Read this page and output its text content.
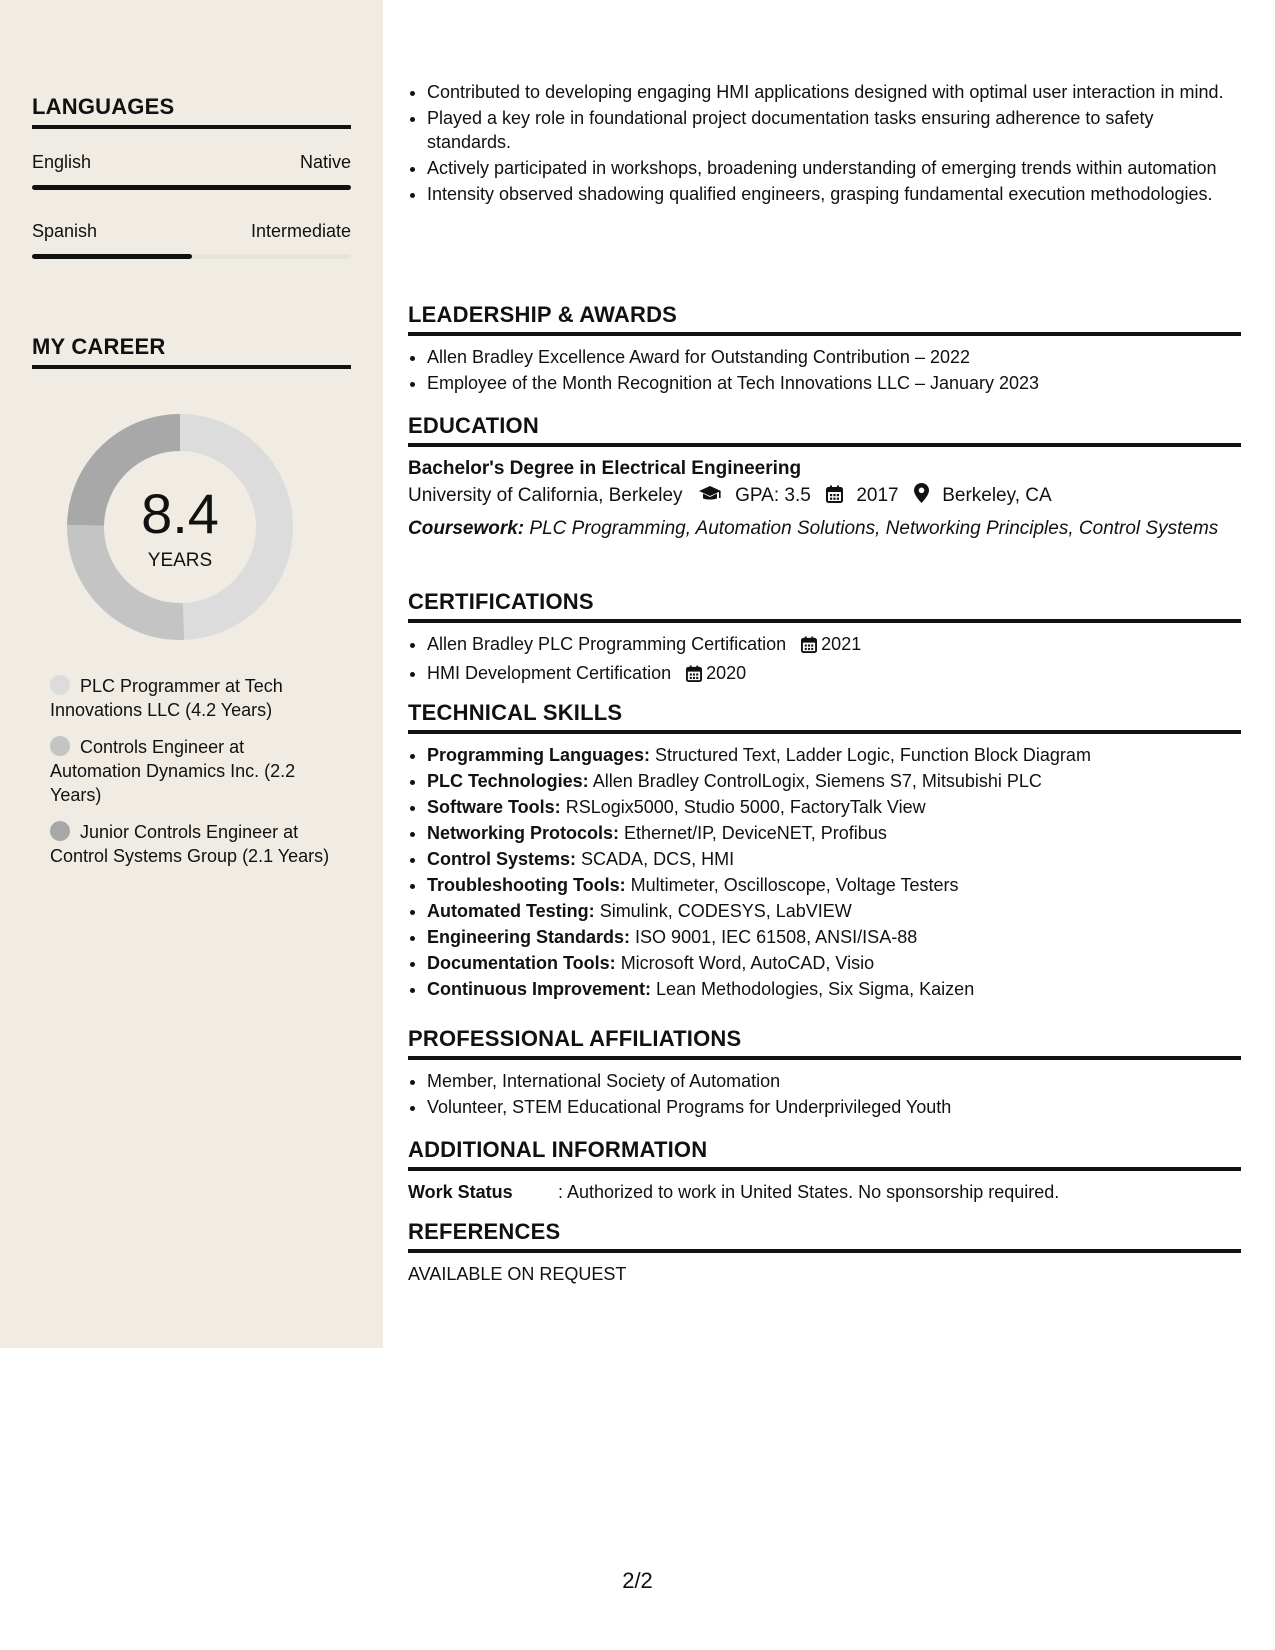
LANGUAGES
English	Native
Spanish	Intermediate
MY CAREER
8.4
YEARS
PLC Programmer at Tech Innovations LLC (4.2 Years)
Controls Engineer at Automation Dynamics Inc. (2.2 Years)
Junior Controls Engineer at Control Systems Group (2.1 Years)
• Contributed to developing engaging HMI applications designed with optimal user interaction in mind.
• Played a key role in foundational project documentation tasks ensuring adherence to safety standards.
• Actively participated in workshops, broadening understanding of emerging trends within automation
• Intensity observed shadowing qualified engineers, grasping fundamental execution methodologies.
LEADERSHIP & AWARDS
• Allen Bradley Excellence Award for Outstanding Contribution – 2022
• Employee of the Month Recognition at Tech Innovations LLC – January 2023
EDUCATION
Bachelor's Degree in Electrical Engineering
University of California, Berkeley	GPA: 3.5 2017 Berkeley, CA
Coursework: PLC Programming, Automation Solutions, Networking Principles, Control Systems
CERTIFICATIONS
• Allen Bradley PLC Programming Certification 2021
• HMI Development Certification 2020
TECHNICAL SKILLS
• Programming Languages: Structured Text, Ladder Logic, Function Block Diagram
• PLC Technologies: Allen Bradley ControlLogix, Siemens S7, Mitsubishi PLC
• Software Tools: RSLogix5000, Studio 5000, FactoryTalk View
• Networking Protocols: Ethernet/IP, DeviceNET, Profibus
• Control Systems: SCADA, DCS, HMI
• Troubleshooting Tools: Multimeter, Oscilloscope, Voltage Testers
• Automated Testing: Simulink, CODESYS, LabVIEW
• Engineering Standards: ISO 9001, IEC 61508, ANSI/ISA-88
• Documentation Tools: Microsoft Word, AutoCAD, Visio
• Continuous Improvement: Lean Methodologies, Six Sigma, Kaizen
PROFESSIONAL AFFILIATIONS
• Member, International Society of Automation
• Volunteer, STEM Educational Programs for Underprivileged Youth
ADDITIONAL INFORMATION
Work Status	: Authorized to work in United States. No sponsorship required.
REFERENCES
AVAILABLE ON REQUEST
2/2
